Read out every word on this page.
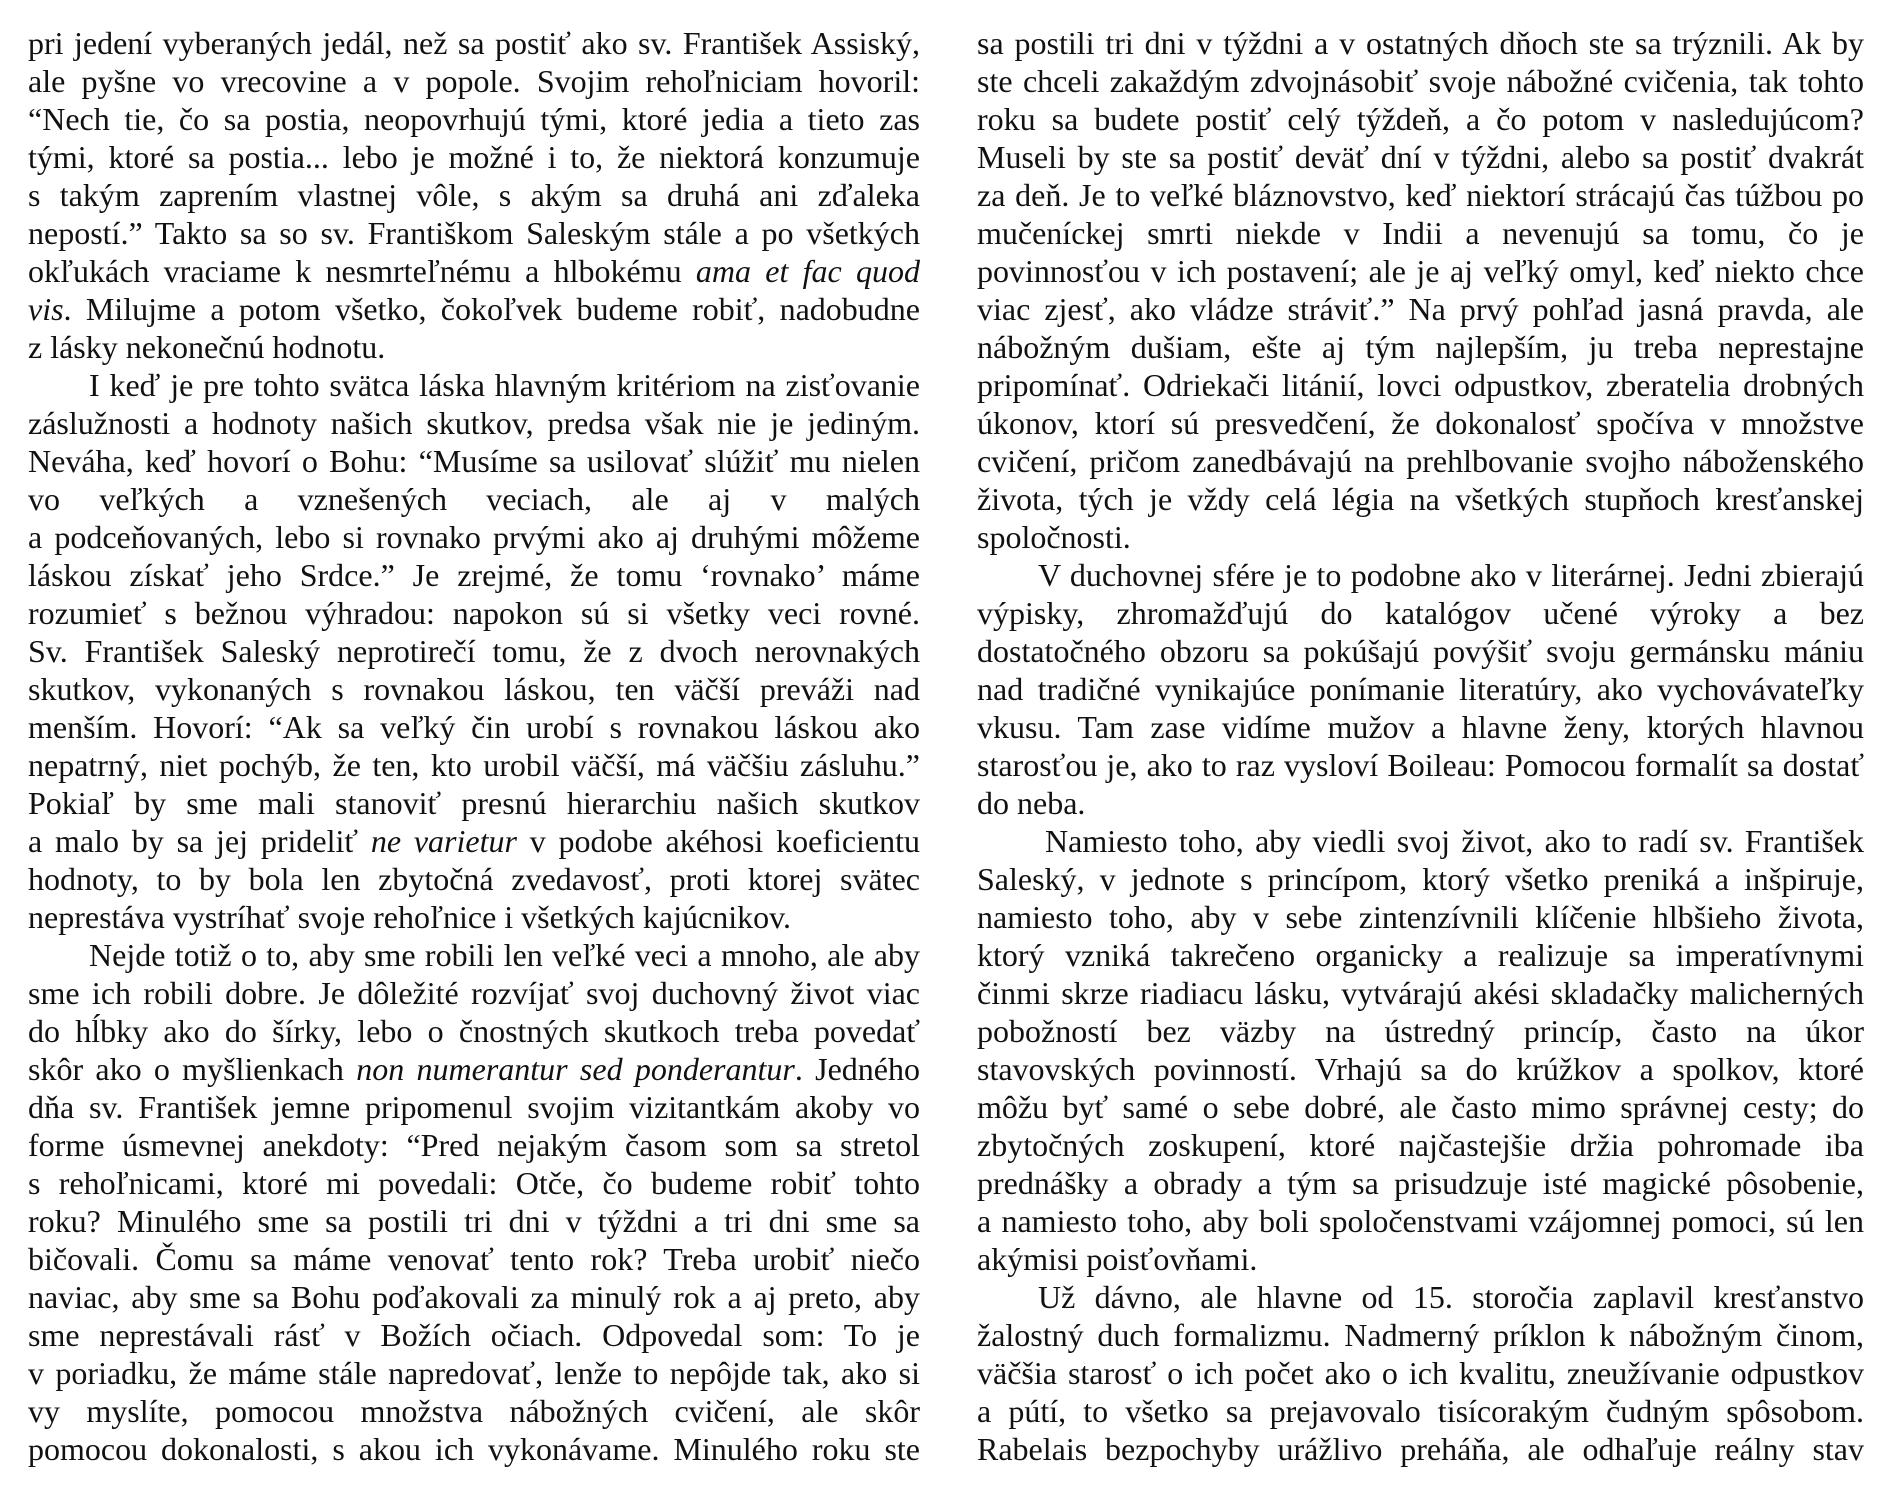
pri jedení vyberaných jedál, než sa postiť ako sv. František Assiský,
ale pyšne vo vrecovine a v popole. Svojim rehoľniciam hovoril:
“Nech tie, čo sa postia, neopovrhujú tými, ktoré jedia a tieto zas
tými, ktoré sa postia... lebo je možné i to, že niektorá konzumuje
s takým zaprením vlastnej vôle, s akým sa druhá ani zďaleka
nepostí.” Takto sa so sv. Františkom Saleským stále a po všetkých
okľukách vraciame k nesmrteľnému a hlbokému ama et fac quod
vis. Milujme a potom všetko, čokoľvek budeme robiť, nadobudne
z lásky nekonečnú hodnotu.
I keď je pre tohto svätca láska hlavným kritériom na zisťovanie
záslužnosti a hodnoty našich skutkov, predsa však nie je jediným.
Neváha, keď hovorí o Bohu: “Musíme sa usilovať slúžiť mu nielen
vo veľkých a vznešených veciach, ale aj v malých
a podceňovaných, lebo si rovnako prvými ako aj druhými môžeme
láskou získať jeho Srdce.” Je zrejmé, že tomu ‘rovnako’ máme
rozumieť s bežnou výhradou: napokon sú si všetky veci rovné.
Sv. František Saleský neprotirečí tomu, že z dvoch nerovnakých
skutkov, vykonaných s rovnakou láskou, ten väčší preváži nad
menším. Hovorí: “Ak sa veľký čin urobí s rovnakou láskou ako
nepatrný, niet pochýb, že ten, kto urobil väčší, má väčšiu zásluhu.”
Pokiaľ by sme mali stanoviť presnú hierarchiu našich skutkov
a malo by sa jej prideliť ne varietur v podobe akéhosi koeficientu
hodnoty, to by bola len zbytočná zvedavosť, proti ktorej svätec
neprestáva vystríhať svoje rehoľnice i všetkých kajúcnikov.
Nejde totiž o to, aby sme robili len veľké veci a mnoho, ale aby
sme ich robili dobre. Je dôležité rozvíjať svoj duchovný život viac
do hĺbky ako do šírky, lebo o čnostných skutkoch treba povedať
skôr ako o myšlienkach non numerantur sed ponderantur. Jedného
dňa sv. František jemne pripomenul svojim vizitantkám akoby vo
forme úsmevnej anekdoty: “Pred nejakým časom som sa stretol
s rehoľnicami, ktoré mi povedali: Otče, čo budeme robiť tohto
roku? Minulého sme sa postili tri dni v týždni a tri dni sme sa
bičovali. Čomu sa máme venovať tento rok? Treba urobiť niečo
naviac, aby sme sa Bohu poďakovali za minulý rok a aj preto, aby
sme neprestávali rásť v Božích očiach. Odpovedal som: To je
v poriadku, že máme stále napredovať, lenže to nepôjde tak, ako si
vy myslíte, pomocou množstva nábožných cvičení, ale skôr
pomocou dokonalosti, s akou ich vykonávame. Minulého roku ste
sa postili tri dni v týždni a v ostatných dňoch ste sa trýznili. Ak by
ste chceli zakaždým zdvojnásobiť svoje nábožné cvičenia, tak tohto
roku sa budete postiť celý týždeň, a čo potom v nasledujúcom?
Museli by ste sa postiť deväť dní v týždni, alebo sa postiť dvakrát
za deň. Je to veľké bláznovstvo, keď niektorí strácajú čas túžbou po
mučeníckej smrti niekde v Indii a nevenujú sa tomu, čo je
povinnosťou v ich postavení; ale je aj veľký omyl, keď niekto chce
viac zjesť, ako vládze stráviť.” Na prvý pohľad jasná pravda, ale
nábožným dušiam, ešte aj tým najlepším, ju treba neprestajne
pripomínať. Odriekači litánií, lovci odpustkov, zberatelia drobných
úkonov, ktorí sú presvedčení, že dokonalosť spočíva v množstve
cvičení, pričom zanedbávajú na prehlbovanie svojho náboženského
života, tých je vždy celá légia na všetkých stupňoch kresťanskej
spoločnosti.
V duchovnej sfére je to podobne ako v literárnej. Jedni zbierajú
výpisky, zhromažďujú do katalógov učené výroky a bez
dostatočného obzoru sa pokúšajú povýšiť svoju germánsku mániu
nad tradičné vynikajúce ponímanie literatúry, ako vychovávateľky
vkusu. Tam zase vidíme mužov a hlavne ženy, ktorých hlavnou
starosťou je, ako to raz vysloví Boileau: Pomocou formalít sa dostať
do neba.
Namiesto toho, aby viedli svoj život, ako to radí sv. František
Saleský, v jednote s princípom, ktorý všetko preniká a inšpiruje,
namiesto toho, aby v sebe zintenzívnili klíčenie hlbšieho života,
ktorý vzniká takrečeno organicky a realizuje sa imperatívnymi
činmi skrze riadiacu lásku, vytvárajú akési skladačky malicherných
pobožností bez väzby na ústredný princíp, často na úkor
stavovských povinností. Vrhajú sa do krúžkov a spolkov, ktoré
môžu byť samé o sebe dobré, ale často mimo správnej cesty; do
zbytočných zoskupení, ktoré najčastejšie držia pohromade iba
prednášky a obrady a tým sa prisudzuje isté magické pôsobenie,
a namiesto toho, aby boli spoločenstvami vzájomnej pomoci, sú len
akýmisi poisťovňami.
Už dávno, ale hlavne od 15. storočia zaplavil kresťanstvo
žalostný duch formalizmu. Nadmerný príklon k nábožným činom,
väčšia starosť o ich počet ako o ich kvalitu, zneužívanie odpustkov
a pútí, to všetko sa prejavovalo tisícorakým čudným spôsobom.
Rabelais bezpochyby urážlivo preháňa, ale odhaľuje reálny stav
